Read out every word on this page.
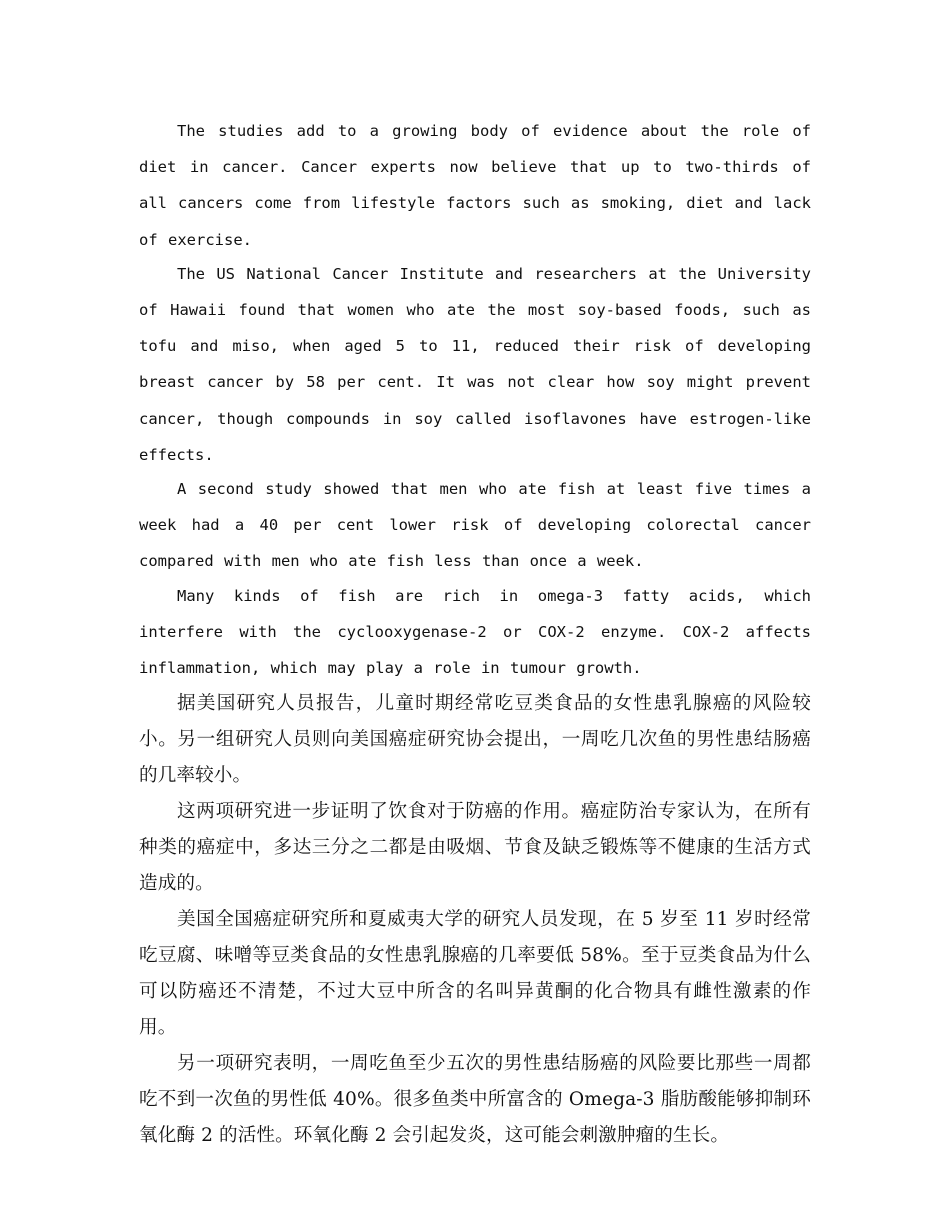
The studies add to a growing body of evidence about the role of diet in cancer. Cancer experts now believe that up to two-thirds of all cancers come from lifestyle factors such as smoking, diet and lack of exercise.

The US National Cancer Institute and researchers at the University of Hawaii found that women who ate the most soy-based foods, such as tofu and miso, when aged 5 to 11, reduced their risk of developing breast cancer by 58 per cent. It was not clear how soy might prevent cancer, though compounds in soy called isoflavones have estrogen-like effects.

A second study showed that men who ate fish at least five times a week had a 40 per cent lower risk of developing colorectal cancer compared with men who ate fish less than once a week.

Many kinds of fish are rich in omega-3 fatty acids, which interfere with the cyclooxygenase-2 or COX-2 enzyme. COX-2 affects inflammation, which may play a role in tumour growth.

据美国研究人员报告，儿童时期经常吃豆类食品的女性患乳腺癌的风险较小。另一组研究人员则向美国癌症研究协会提出，一周吃几次鱼的男性患结肠癌的几率较小。

这两项研究进一步证明了饮食对于防癌的作用。癌症防治专家认为，在所有种类的癌症中，多达三分之二都是由吸烟、节食及缺乏锻炼等不健康的生活方式造成的。

美国全国癌症研究所和夏威夷大学的研究人员发现，在 5 岁至 11 岁时经常吃豆腐、味噌等豆类食品的女性患乳腺癌的几率要低 58%。至于豆类食品为什么可以防癌还不清楚，不过大豆中所含的名叫异黄酮的化合物具有雌性激素的作用。

另一项研究表明，一周吃鱼至少五次的男性患结肠癌的风险要比那些一周都吃不到一次鱼的男性低 40%。很多鱼类中所富含的 Omega-3 脂肪酸能够抑制环氧化酶 2 的活性。环氧化酶 2 会引起发炎，这可能会刺激肿瘤的生长。
